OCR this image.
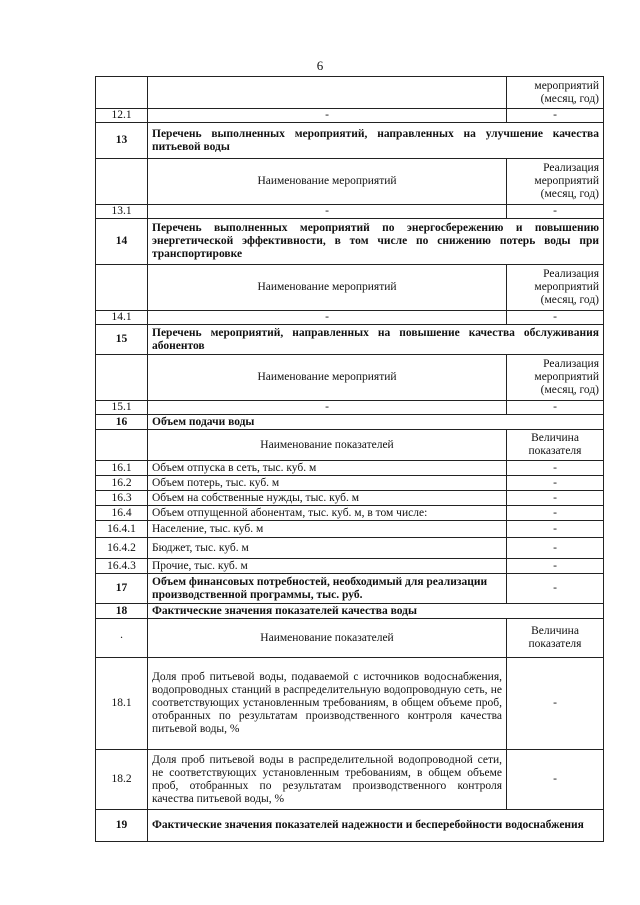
6
		мероприятий (месяц, год)
12.1	-	-
13	Перечень выполненных мероприятий, направленных на улучшение качества питьевой воды	
	Наименование мероприятий	Реализация мероприятий (месяц, год)
13.1	-	-
14	Перечень выполненных мероприятий по энергосбережению и повышению энергетической эффективности, в том числе по снижению потерь воды при транспортировке	
	Наименование мероприятий	Реализация мероприятий (месяц, год)
14.1	-	-
15	Перечень мероприятий, направленных на повышение качества обслуживания абонентов	
	Наименование мероприятий	Реализация мероприятий (месяц, год)
15.1	-	-
16	Объем подачи воды	
	Наименование показателей	Величина показателя
16.1	Объем отпуска в сеть, тыс. куб. м	-
16.2	Объем потерь, тыс. куб. м	-
16.3	Объем на собственные нужды, тыс. куб. м	-
16.4	Объем отпущенной абонентам, тыс. куб. м, в том числе:	-
16.4.1	Население, тыс. куб. м	-
16.4.2	Бюджет, тыс. куб. м	-
16.4.3	Прочие, тыс. куб. м	-
17	Объем финансовых потребностей, необходимый для реализации производственной программы, тыс. руб.	-
18	Фактические значения показателей качества воды	
·	Наименование показателей	Величина показателя
18.1	Доля проб питьевой воды, подаваемой с источников водоснабжения, водопроводных станций в распределительную водопроводную сеть, не соответствующих установленным требованиям, в общем объеме проб, отобранных по результатам производственного контроля качества питьевой воды, %	-
18.2	Доля проб питьевой воды в распределительной водопроводной сети, не соответствующих установленным требованиям, в общем объеме проб, отобранных по результатам производственного контроля качества питьевой воды, %	-
19	Фактические значения показателей надежности и бесперебойности водоснабжения	
